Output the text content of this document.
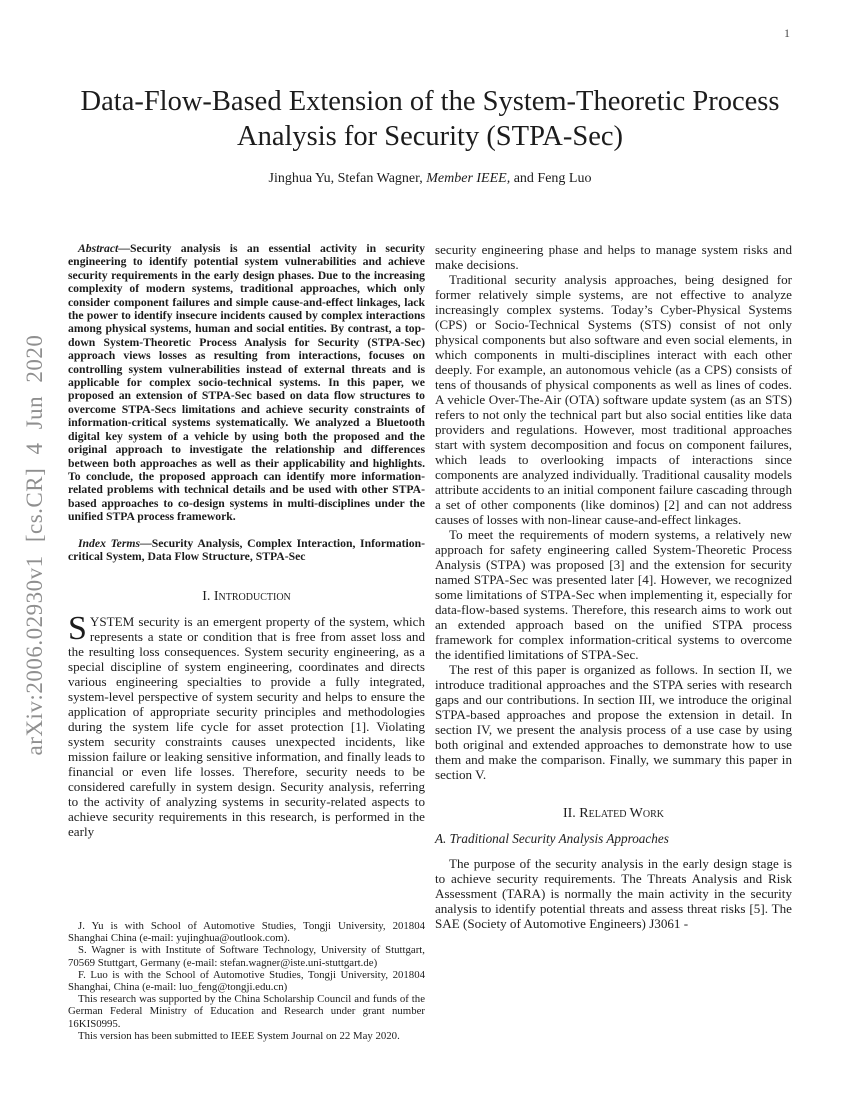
arXiv:2006.02930v1 [cs.CR] 4 Jun 2020
1
Data-Flow-Based Extension of the System-Theoretic Process Analysis for Security (STPA-Sec)
Jinghua Yu, Stefan Wagner, Member IEEE, and Feng Luo

Abstract—Security analysis is an essential activity in security engineering to identify potential system vulnerabilities and achieve security requirements in the early design phases. Due to the increasing complexity of modern systems, traditional approaches, which only consider component failures and simple cause-and-effect linkages, lack the power to identify insecure incidents caused by complex interactions among physical systems, human and social entities. By contrast, a top-down System-Theoretic Process Analysis for Security (STPA-Sec) approach views losses as resulting from interactions, focuses on controlling system vulnerabilities instead of external threats and is applicable for complex socio-technical systems. In this paper, we proposed an extension of STPA-Sec based on data flow structures to overcome STPA-Secs limitations and achieve security constraints of information-critical systems systematically. We analyzed a Bluetooth digital key system of a vehicle by using both the proposed and the original approach to investigate the relationship and differences between both approaches as well as their applicability and highlights. To conclude, the proposed approach can identify more information-related problems with technical details and be used with other STPA-based approaches to co-design systems in multi-disciplines under the unified STPA process framework.

Index Terms—Security Analysis, Complex Interaction, Information-critical System, Data Flow Structure, STPA-Sec

I. Introduction

SYSTEM security is an emergent property of the system, which represents a state or condition that is free from asset loss and the resulting loss consequences. System security engineering, as a special discipline of system engineering, coordinates and directs various engineering specialties to provide a fully integrated, system-level perspective of system security and helps to ensure the application of appropriate security principles and methodologies during the system life cycle for asset protection [1]. Violating system security constraints causes unexpected incidents, like mission failure or leaking sensitive information, and finally leads to financial or even life losses. Therefore, security needs to be considered carefully in system design. Security analysis, referring to the activity of analyzing systems in security-related aspects to achieve security requirements in this research, is performed in the early

J. Yu is with School of Automotive Studies, Tongji University, 201804 Shanghai China (e-mail: yujinghua@outlook.com).

S. Wagner is with Institute of Software Technology, University of Stuttgart, 70569 Stuttgart, Germany (e-mail: stefan.wagner@iste.uni-stuttgart.de)

F. Luo is with the School of Automotive Studies, Tongji University, 201804 Shanghai, China (e-mail: luo_feng@tongji.edu.cn)

This research was supported by the China Scholarship Council and funds of the German Federal Ministry of Education and Research under grant number 16KIS0995.

This version has been submitted to IEEE System Journal on 22 May 2020.

security engineering phase and helps to manage system risks and make decisions.

Traditional security analysis approaches, being designed for former relatively simple systems, are not effective to analyze increasingly complex systems. Today’s Cyber-Physical Systems (CPS) or Socio-Technical Systems (STS) consist of not only physical components but also software and even social elements, in which components in multi-disciplines interact with each other deeply. For example, an autonomous vehicle (as a CPS) consists of tens of thousands of physical components as well as lines of codes. A vehicle Over-The-Air (OTA) software update system (as an STS) refers to not only the technical part but also social entities like data providers and regulations. However, most traditional approaches start with system decomposition and focus on component failures, which leads to overlooking impacts of interactions since components are analyzed individually. Traditional causality models attribute accidents to an initial component failure cascading through a set of other components (like dominos) [2] and can not address causes of losses with non-linear cause-and-effect linkages.

To meet the requirements of modern systems, a relatively new approach for safety engineering called System-Theoretic Process Analysis (STPA) was proposed [3] and the extension for security named STPA-Sec was presented later [4]. However, we recognized some limitations of STPA-Sec when implementing it, especially for data-flow-based systems. Therefore, this research aims to work out an extended approach based on the unified STPA process framework for complex information-critical systems to overcome the identified limitations of STPA-Sec.

The rest of this paper is organized as follows. In section II, we introduce traditional approaches and the STPA series with research gaps and our contributions. In section III, we introduce the original STPA-based approaches and propose the extension in detail. In section IV, we present the analysis process of a use case by using both original and extended approaches to demonstrate how to use them and make the comparison. Finally, we summary this paper in section V.

II. Related Work
A. Traditional Security Analysis Approaches

The purpose of the security analysis in the early design stage is to achieve security requirements. The Threats Analysis and Risk Assessment (TARA) is normally the main activity in the security analysis to identify potential threats and assess threat risks [5]. The SAE (Society of Automotive Engineers) J3061 -
